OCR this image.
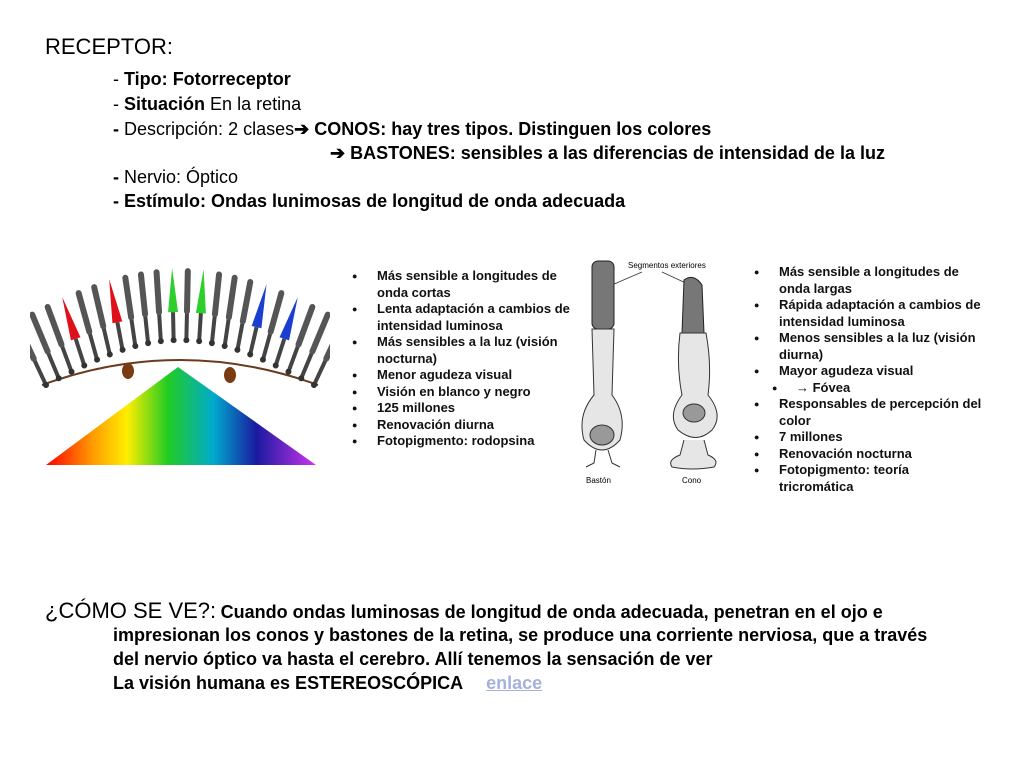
RECEPTOR:
- Tipo: Fotorreceptor
- Situación En la retina
- Descripción: 2 clases➔ CONOS: hay tres tipos. Distinguen los colores
➔ BASTONES: sensibles a las diferencias de intensidad de la luz
- Nervio: Óptico
- Estímulo: Ondas lunimosas de longitud de onda adecuada
● Más sensible a longitudes de onda cortas
● Lenta adaptación a cambios de intensidad luminosa
● Más sensibles a la luz (visión nocturna)
● Menor agudeza visual
● Visión en blanco y negro
● 125 millones
● Renovación diurna
● Fotopigmento: rodopsina
Segmentos exteriores
Bastón	Cono
● Más sensible a longitudes de onda largas
● Rápida adaptación a cambios de intensidad luminosa
● Menos sensibles a la luz (visión diurna)
● Mayor agudeza visual
● → Fóvea
● Responsables de percepción del color
● 7 millones
● Renovación nocturna
● Fotopigmento: teoría tricromática
¿CÓMO SE VE?: Cuando ondas luminosas de longitud de onda adecuada, penetran en el ojo e
impresionan los conos y bastones de la retina, se produce una corriente nerviosa, que a través
del nervio óptico va hasta el cerebro. Allí tenemos la sensación de ver
La visión humana es ESTEREOSCÓPICA enlace
